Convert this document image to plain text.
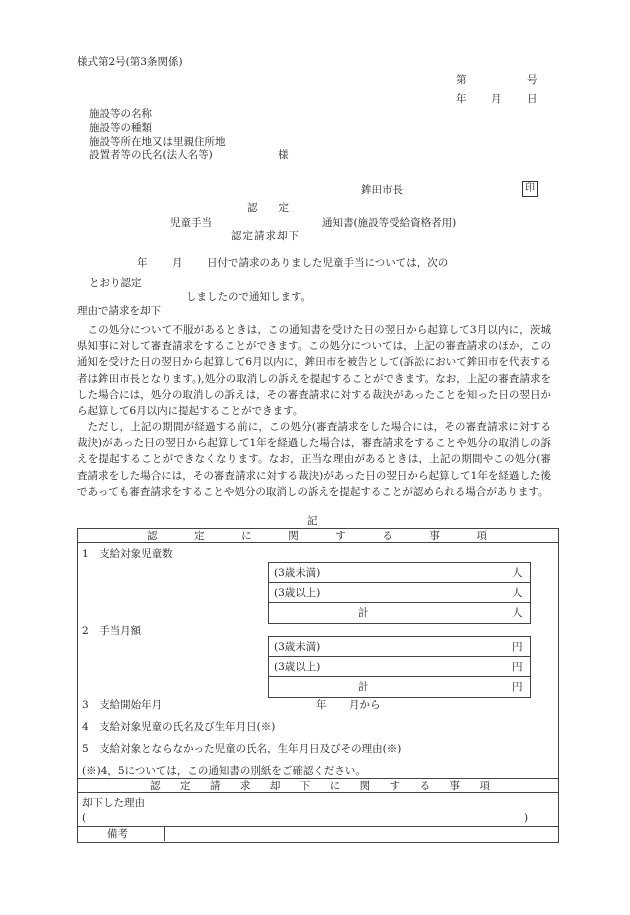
様式第2号(第3条関係)
第	号
年 月 日
施設等の名称
施設等の種類
施設等所在地又は里親住所地
設置者等の氏名(法人名等)	様
鉾田市長	印
認　　定
児童手当	通知書(施設等受給資格者用)
認定請求却下
年 月 日付で請求のありました児童手当については，次の
とおり認定
しましたので通知します。
理由で請求を却下
この処分について不服があるときは，この通知書を受けた日の翌日から起算して3月以内に，茨城県知事に対して審査請求をすることができます。この処分については，上記の審査請求のほか，この通知を受けた日の翌日から起算して6月以内に，鉾田市を被告として(訴訟において鉾田市を代表する者は鉾田市長となります。),処分の取消しの訴えを提起することができます。なお，上記の審査請求をした場合には，処分の取消しの訴えは，その審査請求に対する裁決があったことを知った日の翌日から起算して6月以内に提起することができます。
ただし，上記の期間が経過する前に，この処分(審査請求をした場合には，その審査請求に対する裁決)があった日の翌日から起算して1年を経過した場合は，審査請求をすることや処分の取消しの訴えを提起することができなくなります。なお，正当な理由があるときは，上記の期間やこの処分(審査請求をした場合には，その審査請求に対する裁決)があった日の翌日から起算して1年を経過した後であっても審査請求をすることや処分の取消しの訴えを提起することが認められる場合があります。
記
認	定	に	関	す	る	事	項
1　支給対象児童数
(3歳未満)	人
(3歳以上)	人
計	人
2　手当月額
(3歳未満)	円
(3歳以上)	円
計	円
3　支給開始年月	年 月から
4　支給対象児童の氏名及び生年月日(※)
5　支給対象とならなかった児童の氏名，生年月日及びその理由(※)
(※)4，5については，この通知書の別紙をご確認ください。
認 定 請 求 却 下 に 関 す る 事 項
却下した理由
(	)
備考
